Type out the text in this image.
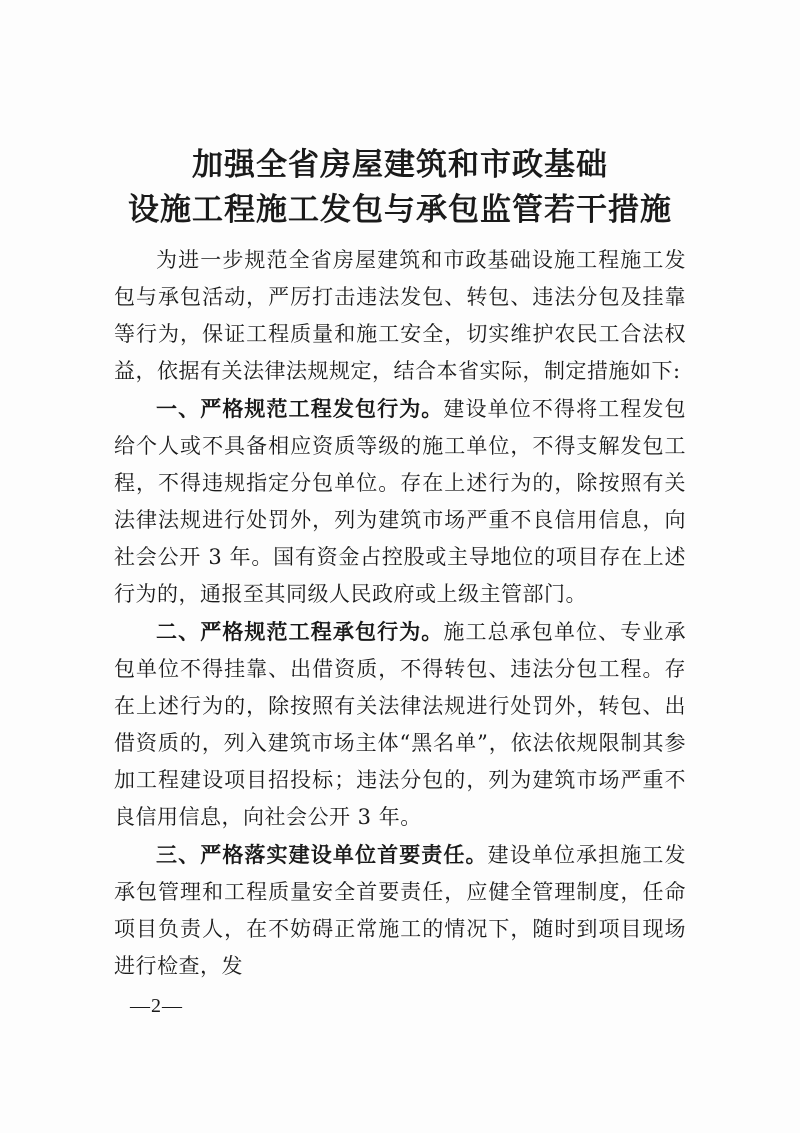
加强全省房屋建筑和市政基础
设施工程施工发包与承包监管若干措施

为进一步规范全省房屋建筑和市政基础设施工程施工发包与承包活动，严厉打击违法发包、转包、违法分包及挂靠等行为，保证工程质量和施工安全，切实维护农民工合法权益，依据有关法律法规规定，结合本省实际，制定措施如下:

一、严格规范工程发包行为。建设单位不得将工程发包给个人或不具备相应资质等级的施工单位，不得支解发包工程，不得违规指定分包单位。存在上述行为的，除按照有关法律法规进行处罚外，列为建筑市场严重不良信用信息，向社会公开 3 年。国有资金占控股或主导地位的项目存在上述行为的，通报至其同级人民政府或上级主管部门。

二、严格规范工程承包行为。施工总承包单位、专业承包单位不得挂靠、出借资质，不得转包、违法分包工程。存在上述行为的，除按照有关法律法规进行处罚外，转包、出借资质的，列入建筑市场主体“黑名单”，依法依规限制其参加工程建设项目招投标；违法分包的，列为建筑市场严重不良信用信息，向社会公开 3 年。

三、严格落实建设单位首要责任。建设单位承担施工发承包管理和工程质量安全首要责任，应健全管理制度，任命项目负责人，在不妨碍正常施工的情况下，随时到项目现场进行检查，发

—2—
